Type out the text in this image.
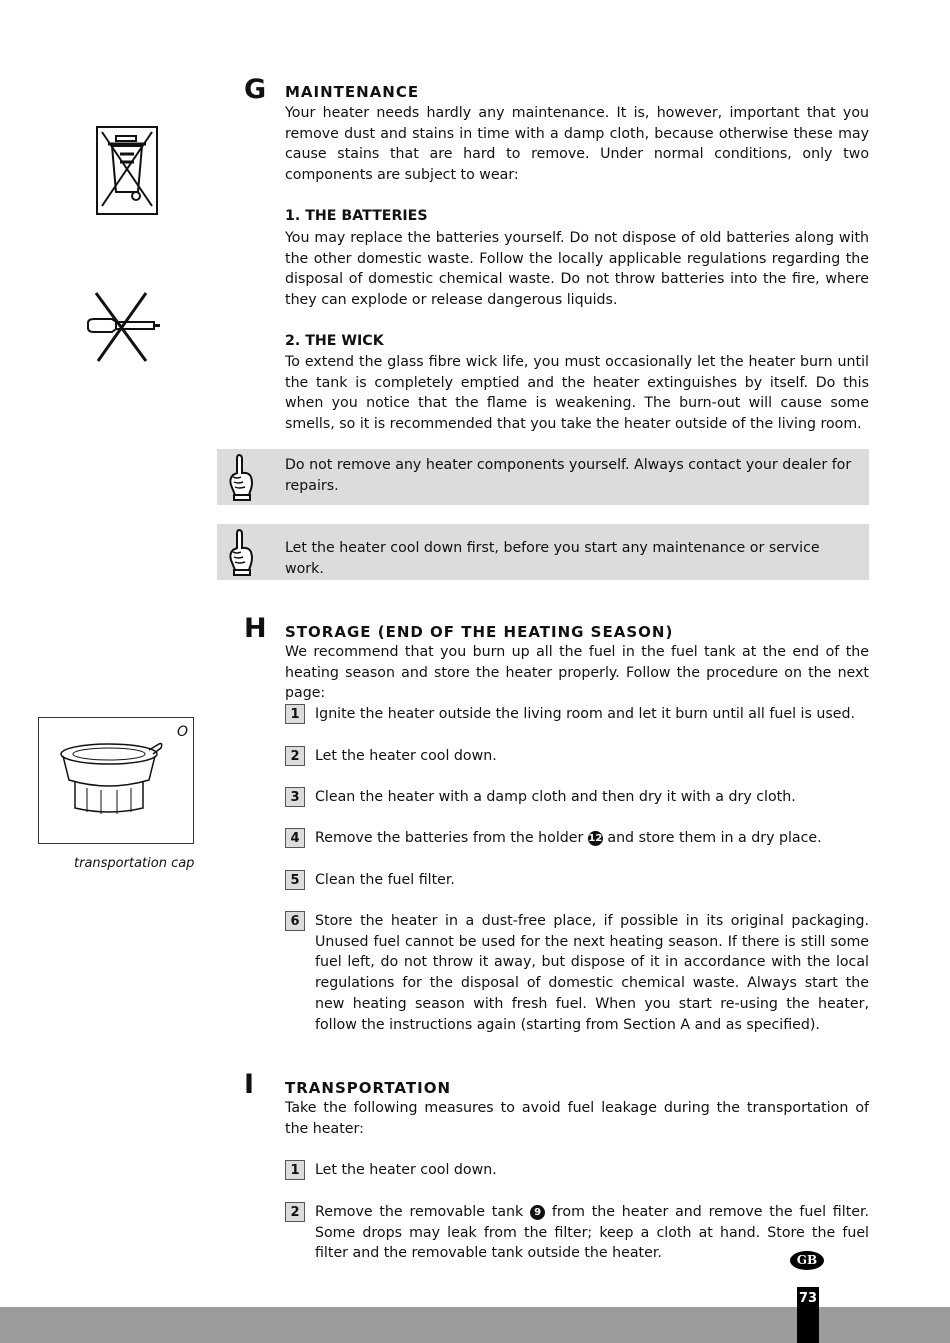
O
transportation cap
G MAINTENANCE
Your heater needs hardly any maintenance. It is, however, important that you remove dust and stains in time with a damp cloth, because otherwise these may cause stains that are hard to remove. Under normal conditions, only two components are subject to wear:
1. THE BATTERIES
You may replace the batteries yourself. Do not dispose of old batteries along with the other domestic waste. Follow the locally applicable regulations regarding the disposal of domestic chemical waste. Do not throw batteries into the fire, where they can explode or release dangerous liquids.
2. THE WICK
To extend the glass fibre wick life, you must occasionally let the heater burn until the tank is completely emptied and the heater extinguishes by itself. Do this when you notice that the flame is weakening. The burn-out will cause some smells, so it is recommended that you take the heater outside of the living room.
Do not remove any heater components yourself. Always contact your dealer for repairs.
Let the heater cool down first, before you start any maintenance or service work.
H STORAGE (END OF THE HEATING SEASON)
We recommend that you burn up all the fuel in the fuel tank at the end of the heating season and store the heater properly. Follow the procedure on the next page:
1	Ignite the heater outside the living room and let it burn until all fuel is used.
2	Let the heater cool down.
3	Clean the heater with a damp cloth and then dry it with a dry cloth.
4	Remove the batteries from the holder 12 and store them in a dry place.
5	Clean the fuel filter.
6	Store the heater in a dust-free place, if possible in its original packaging. Unused fuel cannot be used for the next heating season. If there is still some fuel left, do not throw it away, but dispose of it in accordance with the local regulations for the disposal of domestic chemical waste. Always start the new heating season with fresh fuel. When you start re-using the heater, follow the instructions again (starting from Section A and as specified).
I TRANSPORTATION
Take the following measures to avoid fuel leakage during the transportation of the heater:
1	Let the heater cool down.
2	Remove the removable tank 9 from the heater and remove the fuel filter. Some drops may leak from the filter; keep a cloth at hand. Store the fuel filter and the removable tank outside the heater.	GB
73
